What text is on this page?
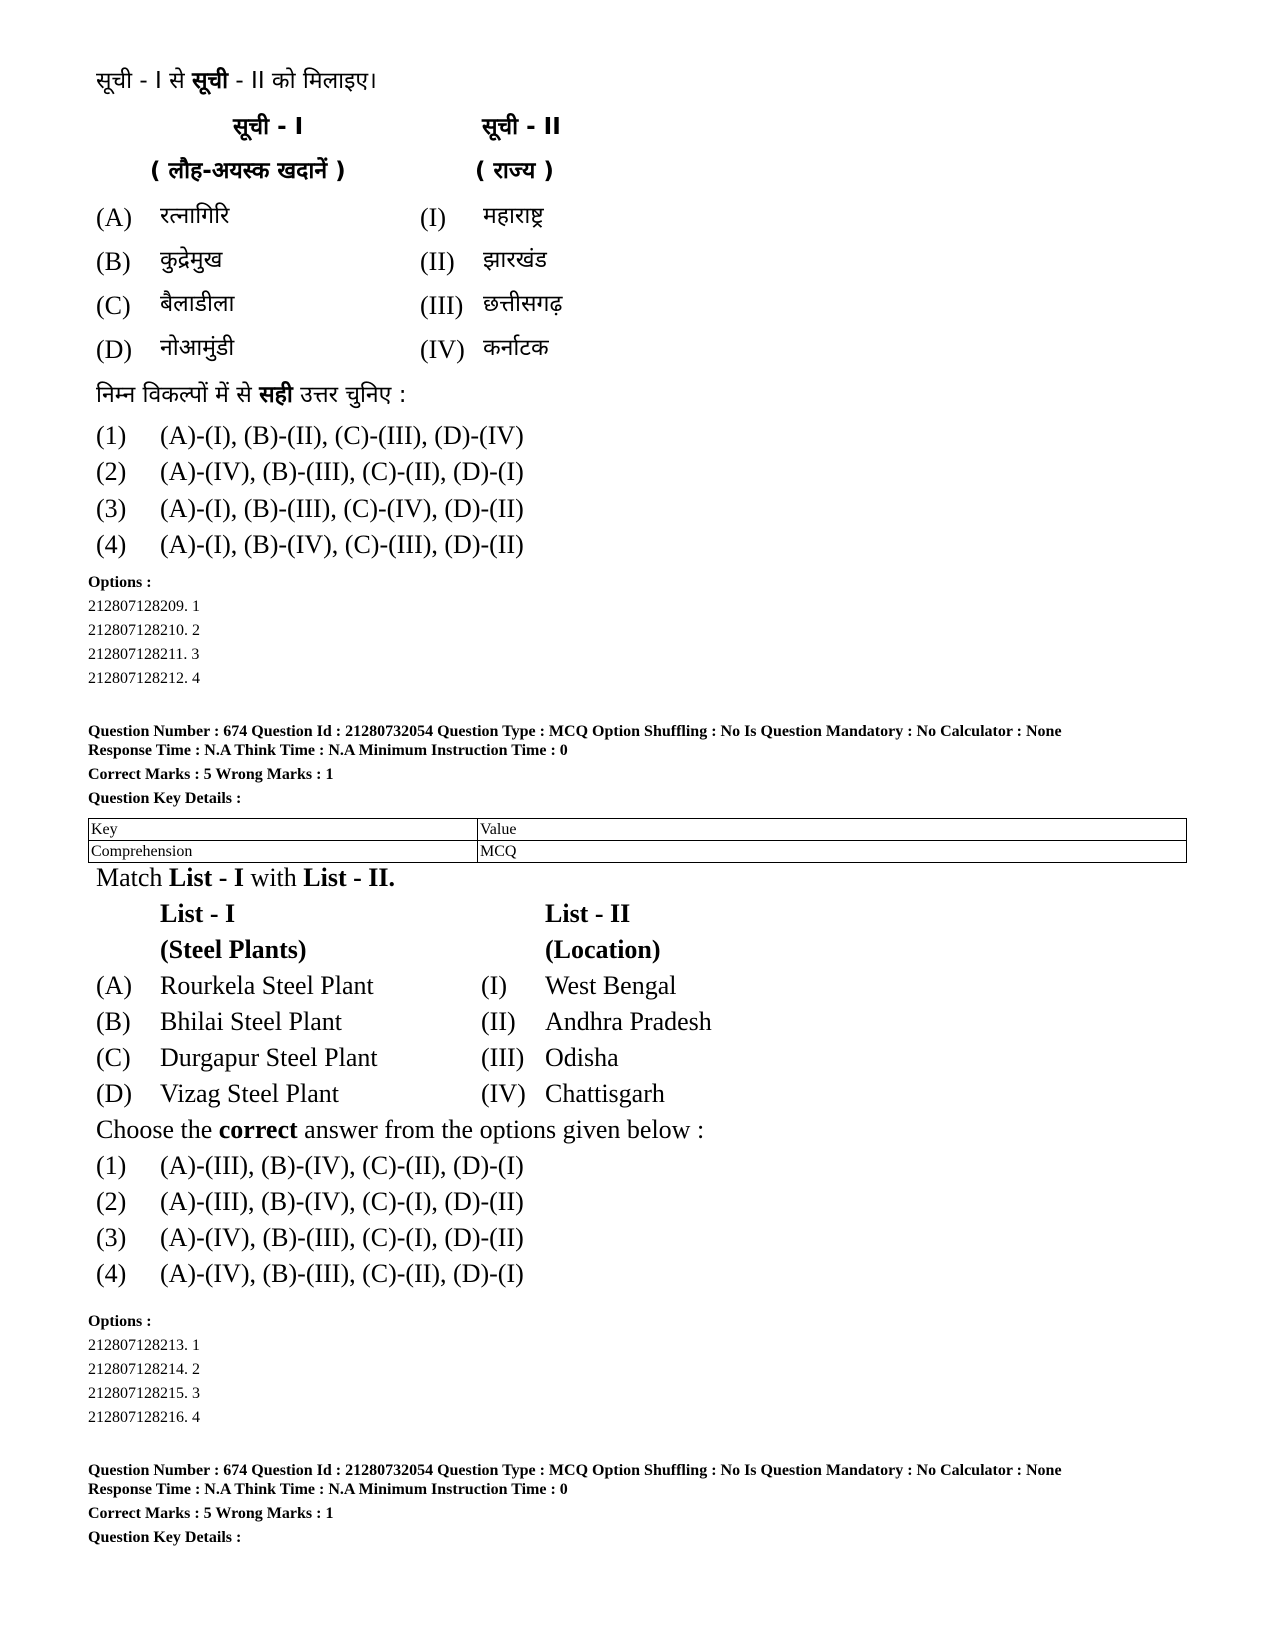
सूची - I से सूची - II को मिलाइए।
सूची - I	सूची - II
( लौह-अयस्क खदानें )	( राज्य )
(A) रत्नागिरि	(I) महाराष्ट्र
(B) कुद्रेमुख	(II) झारखंड
(C) बैलाडीला	(III) छत्तीसगढ़
(D) नोआमुंडी	(IV) कर्नाटक
निम्न विकल्पों में से सही उत्तर चुनिए :
(1) (A)-(I), (B)-(II), (C)-(III), (D)-(IV)
(2) (A)-(IV), (B)-(III), (C)-(II), (D)-(I)
(3) (A)-(I), (B)-(III), (C)-(IV), (D)-(II)
(4) (A)-(I), (B)-(IV), (C)-(III), (D)-(II)
Options :
212807128209. 1
212807128210. 2
212807128211. 3
212807128212. 4
Question Number : 674 Question Id : 21280732054 Question Type : MCQ Option Shuffling : No Is Question Mandatory : No Calculator : None
Response Time : N.A Think Time : N.A Minimum Instruction Time : 0
Correct Marks : 5 Wrong Marks : 1
Question Key Details :
Key	Value
Comprehension	MCQ
Match List - I with List - II.
List - I	List - II
(Steel Plants)	(Location)
(A) Rourkela Steel Plant	(I) West Bengal
(B) Bhilai Steel Plant	(II) Andhra Pradesh
(C) Durgapur Steel Plant	(III) Odisha
(D) Vizag Steel Plant	(IV) Chattisgarh
Choose the correct answer from the options given below :
(1) (A)-(III), (B)-(IV), (C)-(II), (D)-(I)
(2) (A)-(III), (B)-(IV), (C)-(I), (D)-(II)
(3) (A)-(IV), (B)-(III), (C)-(I), (D)-(II)
(4) (A)-(IV), (B)-(III), (C)-(II), (D)-(I)
Options :
212807128213. 1
212807128214. 2
212807128215. 3
212807128216. 4
Question Number : 674 Question Id : 21280732054 Question Type : MCQ Option Shuffling : No Is Question Mandatory : No Calculator : None
Response Time : N.A Think Time : N.A Minimum Instruction Time : 0
Correct Marks : 5 Wrong Marks : 1
Question Key Details :
